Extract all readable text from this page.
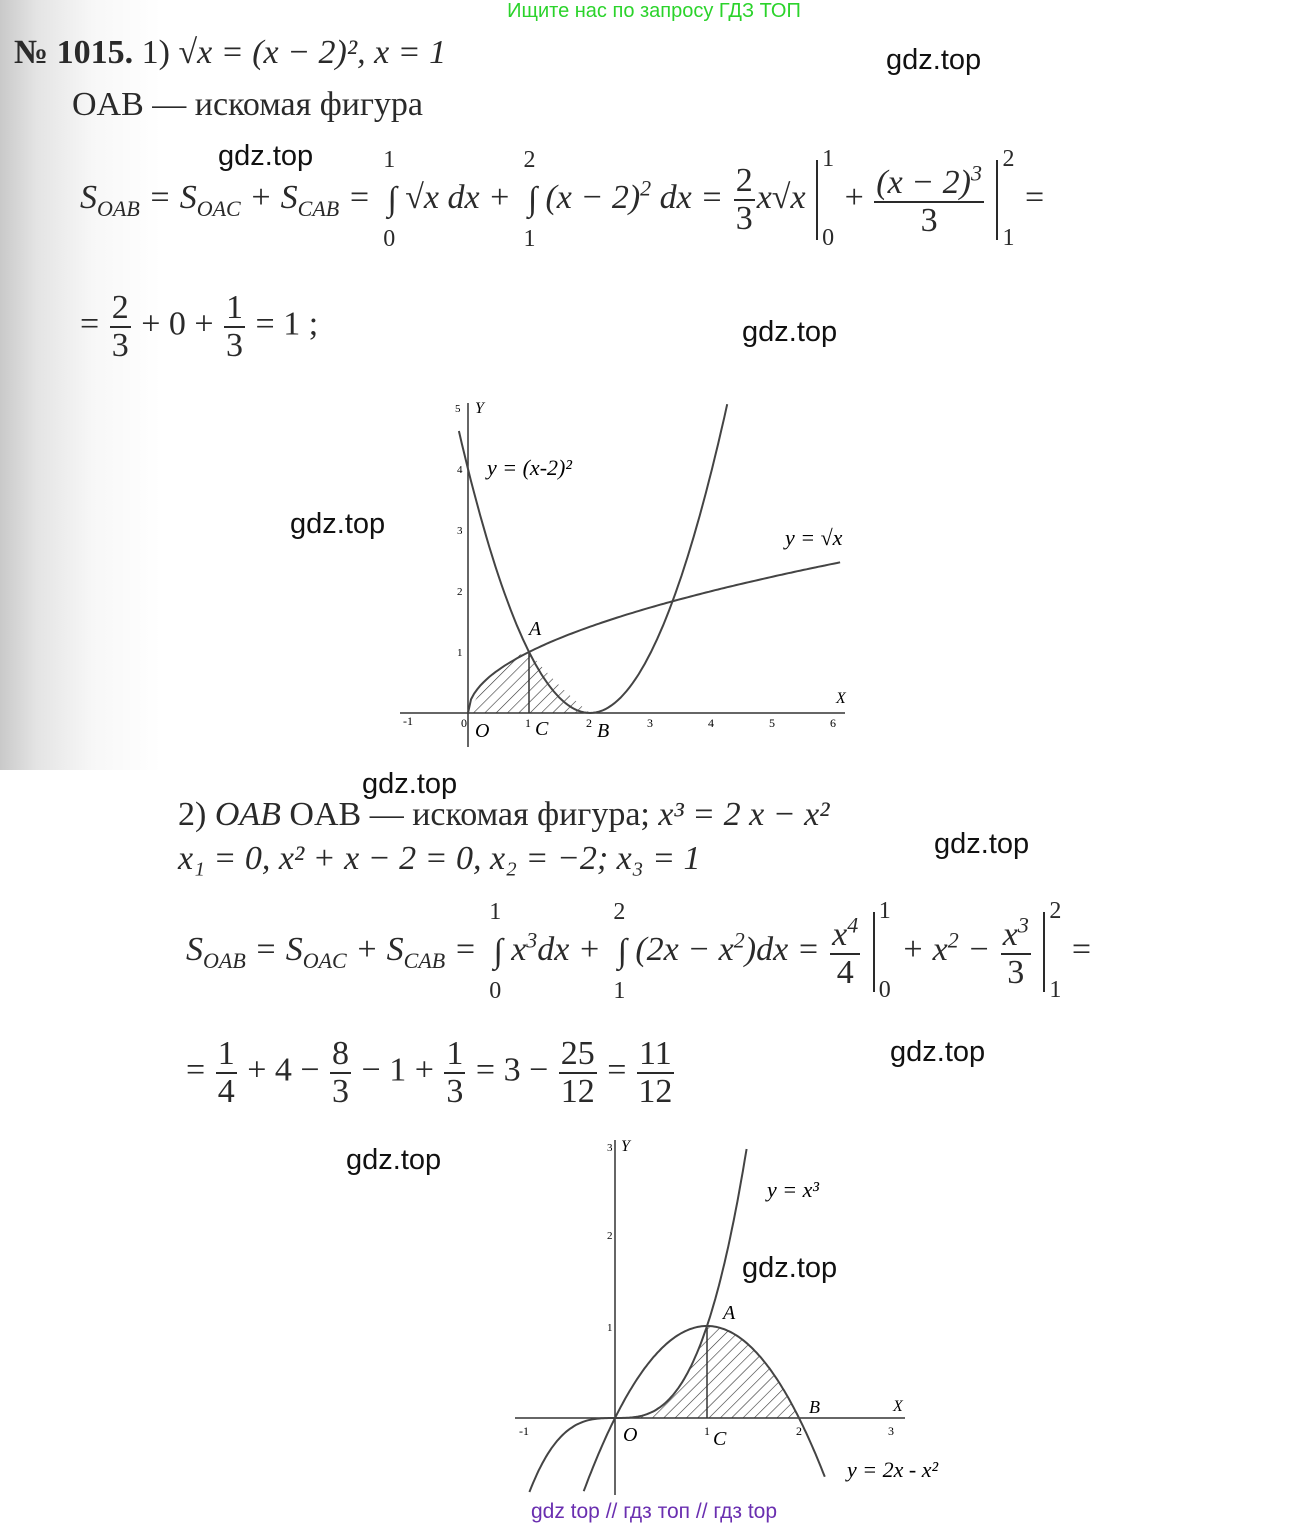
Ищите нас по запросу ГДЗ ТОП
gdz.top
gdz.top
gdz.top
gdz.top
gdz.top
gdz.top
gdz.top
gdz.top
gdz.top
№ 1015. 1) √x = (x − 2)², x = 1
OAB — искомая фигура
$S_{OAB} = S_{OAC} + S_{CAB}$ =
1
∫
0
√x dx +
2
∫
1
$(x - 2)^2$ dx = $\frac{2}{3} x√x$
1
0
+ $\frac{(x - 2)^3}{3}$

2
1
=
= $\frac{2}{3} + 0 + \frac{1}{3} = 1$ ;
-1	0	1	2	3	4	5	6
1
2
3
4
5
X
Y
y = (x-2)²
y = √x
O
A
B
C
2) OAB OAB — искомая фигура; x³ = 2 x − x²
x₁ = 0, x² + x − 2 = 0, x₂ = −2; x₃ = 1
$S_{OAB} = S_{OAC} + S_{CAB}$ =
1
∫
0
$x^3dx$ +
2
∫
1
$(2x - x^2)dx = \frac{x^4}{4}$

1
0
+ $x^2 - \frac{x^3}{3}$

2
1
=
= $\frac{1}{4} + 4 - \frac{8}{3} - 1 + \frac{1}{3} = 3 - \frac{25}{12} = \frac{11}{12}$
-1	1	2	3
1
2
3
X
Y
y = x³
y = 2x - x²
O
A
B
C
gdz top // гдз топ // гдз top
